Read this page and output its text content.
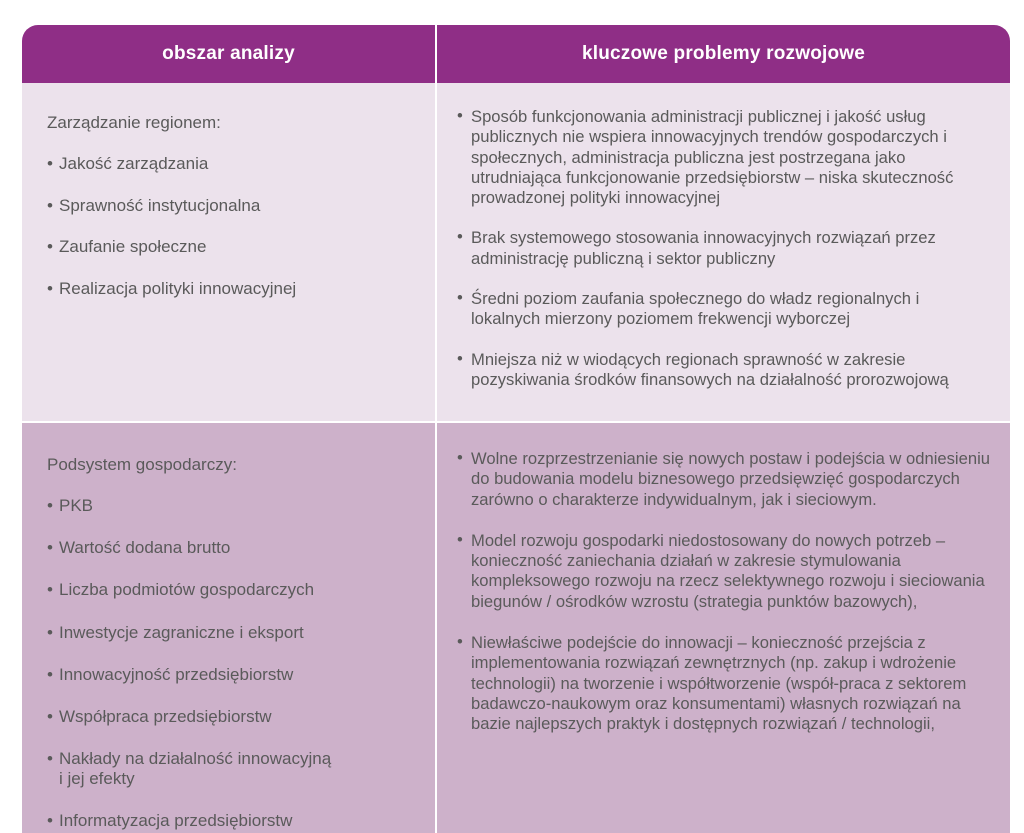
obszar analizy	kluczowe problemy rozwojowe
Zarządzanie regionem:
• Jakość zarządzania
• Sprawność instytucjonalna
• Zaufanie społeczne
• Realizacja polityki innowacyjnej
• Sposób funkcjonowania administracji publicznej i jakość usług publicznych nie wspiera innowacyjnych trendów gospodarczych i społecznych, administracja publiczna jest postrzegana jako utrudniająca funkcjonowanie przedsiębiorstw – niska skuteczność prowadzonej polityki innowacyjnej
• Brak systemowego stosowania innowacyjnych rozwiązań przez administrację publiczną i sektor publiczny
• Średni poziom zaufania społecznego do władz regionalnych i lokalnych mierzony poziomem frekwencji wyborczej
• Mniejsza niż w wiodących regionach sprawność w zakresie pozyskiwania środków finansowych na działalność prorozwojową
Podsystem gospodarczy:
• PKB
• Wartość dodana brutto
• Liczba podmiotów gospodarczych
• Inwestycje zagraniczne i eksport
• Innowacyjność przedsiębiorstw
• Współpraca przedsiębiorstw
• Nakłady na działalność innowacyjną i jej efekty
• Informatyzacja przedsiębiorstw
• Wolne rozprzestrzenianie się nowych postaw i podejścia w odniesieniu do budowania modelu biznesowego przedsięwzięć gospodarczych zarówno o charakterze indywidualnym, jak i sieciowym.
• Model rozwoju gospodarki niedostosowany do nowych potrzeb – konieczność zaniechania działań w zakresie stymulowania kompleksowego rozwoju na rzecz selektywnego rozwoju i sieciowania biegunów / ośrodków wzrostu (strategia punktów bazowych),
• Niewłaściwe podejście do innowacji – konieczność przejścia z implementowania rozwiązań zewnętrznych (np. zakup i wdrożenie technologii) na tworzenie i współtworzenie (współ-praca z sektorem badawczo-naukowym oraz konsumentami) własnych rozwiązań na bazie najlepszych praktyk i dostępnych rozwiązań / technologii,
